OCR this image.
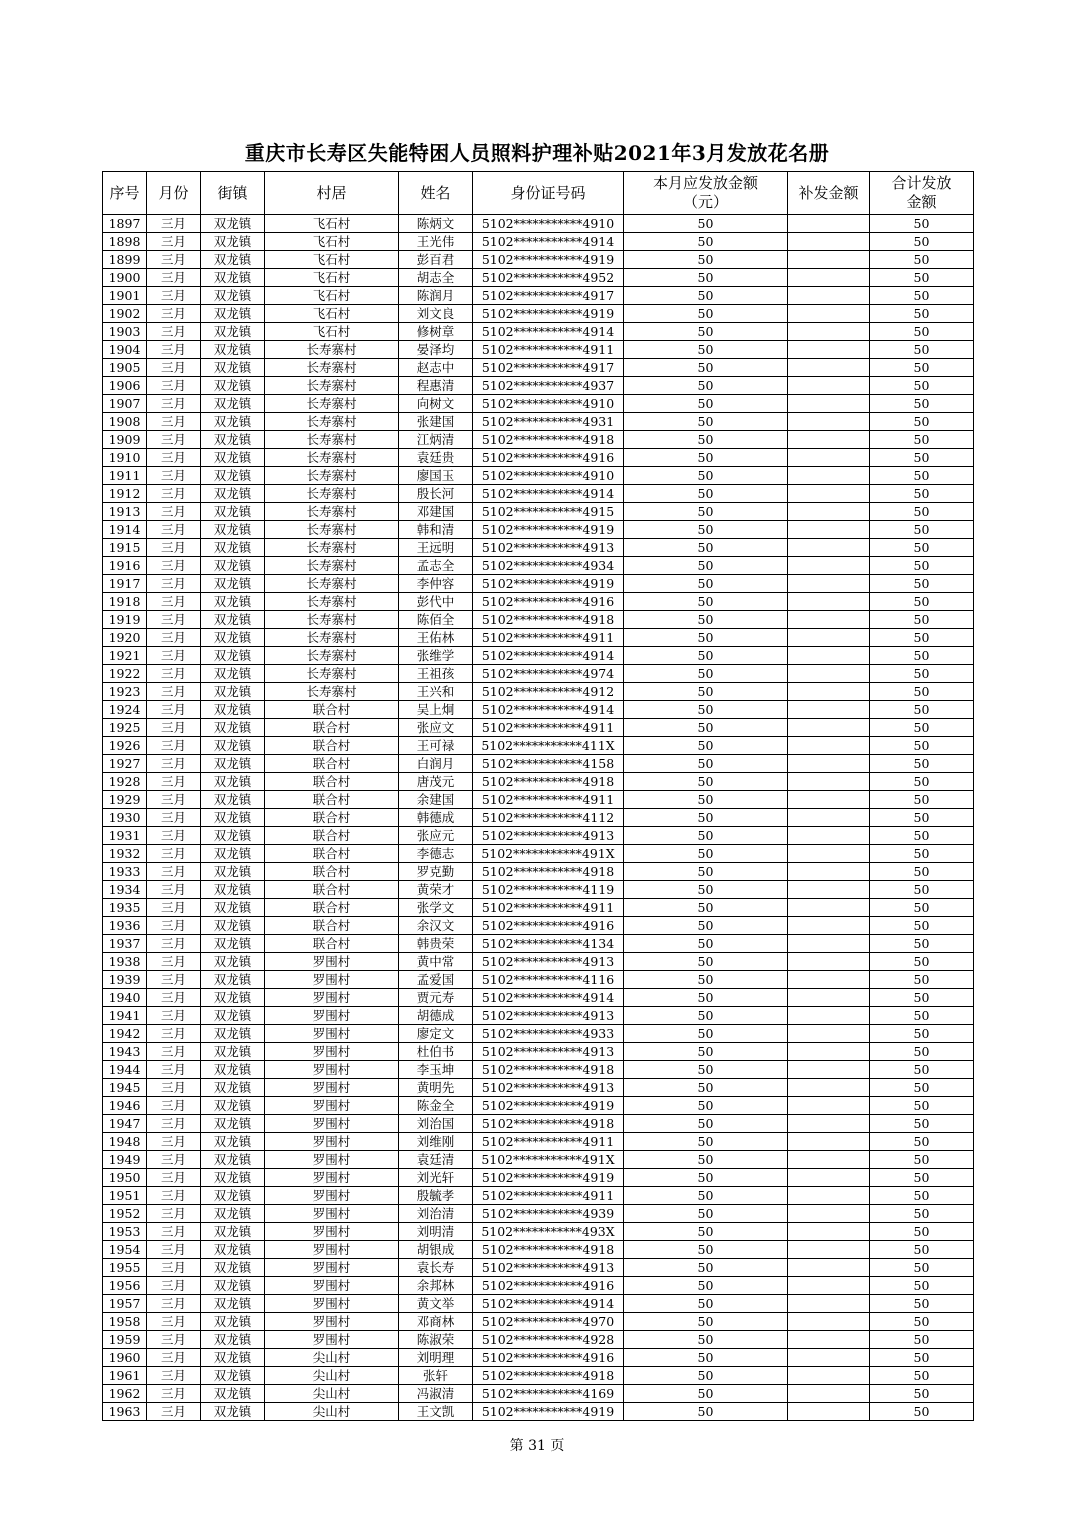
重庆市长寿区失能特困人员照料护理补贴2021年3月发放花名册
序号	月份	街镇	村居	姓名	身份证号码	本月应发放金额（元）	补发金额	合计发放金额
1897	三月	双龙镇	飞石村	陈炳文	5102***********4910	50		50
1898	三月	双龙镇	飞石村	王光伟	5102***********4914	50		50
1899	三月	双龙镇	飞石村	彭百君	5102***********4919	50		50
1900	三月	双龙镇	飞石村	胡志全	5102***********4952	50		50
1901	三月	双龙镇	飞石村	陈润月	5102***********4917	50		50
1902	三月	双龙镇	飞石村	刘文良	5102***********4919	50		50
1903	三月	双龙镇	飞石村	修树章	5102***********4914	50		50
1904	三月	双龙镇	长寿寨村	晏泽均	5102***********4911	50		50
1905	三月	双龙镇	长寿寨村	赵志中	5102***********4917	50		50
1906	三月	双龙镇	长寿寨村	程惠清	5102***********4937	50		50
1907	三月	双龙镇	长寿寨村	向树文	5102***********4910	50		50
1908	三月	双龙镇	长寿寨村	张建国	5102***********4931	50		50
1909	三月	双龙镇	长寿寨村	江炳清	5102***********4918	50		50
1910	三月	双龙镇	长寿寨村	袁廷贵	5102***********4916	50		50
1911	三月	双龙镇	长寿寨村	廖国玉	5102***********4910	50		50
1912	三月	双龙镇	长寿寨村	殷长河	5102***********4914	50		50
1913	三月	双龙镇	长寿寨村	邓建国	5102***********4915	50		50
1914	三月	双龙镇	长寿寨村	韩和清	5102***********4919	50		50
1915	三月	双龙镇	长寿寨村	王远明	5102***********4913	50		50
1916	三月	双龙镇	长寿寨村	孟志全	5102***********4934	50		50
1917	三月	双龙镇	长寿寨村	李仲容	5102***********4919	50		50
1918	三月	双龙镇	长寿寨村	彭代中	5102***********4916	50		50
1919	三月	双龙镇	长寿寨村	陈佰全	5102***********4918	50		50
1920	三月	双龙镇	长寿寨村	王佑林	5102***********4911	50		50
1921	三月	双龙镇	长寿寨村	张维学	5102***********4914	50		50
1922	三月	双龙镇	长寿寨村	王祖孩	5102***********4974	50		50
1923	三月	双龙镇	长寿寨村	王兴和	5102***********4912	50		50
1924	三月	双龙镇	联合村	吴上炯	5102***********4914	50		50
1925	三月	双龙镇	联合村	张应文	5102***********4911	50		50
1926	三月	双龙镇	联合村	王可禄	5102***********411X	50		50
1927	三月	双龙镇	联合村	白润月	5102***********4158	50		50
1928	三月	双龙镇	联合村	唐茂元	5102***********4918	50		50
1929	三月	双龙镇	联合村	余建国	5102***********4911	50		50
1930	三月	双龙镇	联合村	韩德成	5102***********4112	50		50
1931	三月	双龙镇	联合村	张应元	5102***********4913	50		50
1932	三月	双龙镇	联合村	李德志	5102***********491X	50		50
1933	三月	双龙镇	联合村	罗克勤	5102***********4918	50		50
1934	三月	双龙镇	联合村	黄荣才	5102***********4119	50		50
1935	三月	双龙镇	联合村	张学文	5102***********4911	50		50
1936	三月	双龙镇	联合村	余汉文	5102***********4916	50		50
1937	三月	双龙镇	联合村	韩贵荣	5102***********4134	50		50
1938	三月	双龙镇	罗围村	黄中常	5102***********4913	50		50
1939	三月	双龙镇	罗围村	孟爱国	5102***********4116	50		50
1940	三月	双龙镇	罗围村	贾元寿	5102***********4914	50		50
1941	三月	双龙镇	罗围村	胡德成	5102***********4913	50		50
1942	三月	双龙镇	罗围村	廖定文	5102***********4933	50		50
1943	三月	双龙镇	罗围村	杜伯书	5102***********4913	50		50
1944	三月	双龙镇	罗围村	李玉坤	5102***********4918	50		50
1945	三月	双龙镇	罗围村	黄明先	5102***********4913	50		50
1946	三月	双龙镇	罗围村	陈金全	5102***********4919	50		50
1947	三月	双龙镇	罗围村	刘治国	5102***********4918	50		50
1948	三月	双龙镇	罗围村	刘维刚	5102***********4911	50		50
1949	三月	双龙镇	罗围村	袁廷清	5102***********491X	50		50
1950	三月	双龙镇	罗围村	刘光轩	5102***********4919	50		50
1951	三月	双龙镇	罗围村	殷毓孝	5102***********4911	50		50
1952	三月	双龙镇	罗围村	刘治清	5102***********4939	50		50
1953	三月	双龙镇	罗围村	刘明清	5102***********493X	50		50
1954	三月	双龙镇	罗围村	胡银成	5102***********4918	50		50
1955	三月	双龙镇	罗围村	袁长寿	5102***********4913	50		50
1956	三月	双龙镇	罗围村	余邦林	5102***********4916	50		50
1957	三月	双龙镇	罗围村	黄文举	5102***********4914	50		50
1958	三月	双龙镇	罗围村	邓商林	5102***********4970	50		50
1959	三月	双龙镇	罗围村	陈淑荣	5102***********4928	50		50
1960	三月	双龙镇	尖山村	刘明理	5102***********4916	50		50
1961	三月	双龙镇	尖山村	张轩	5102***********4918	50		50
1962	三月	双龙镇	尖山村	冯淑清	5102***********4169	50		50
1963	三月	双龙镇	尖山村	王文凯	5102***********4919	50		50
第 31 页
